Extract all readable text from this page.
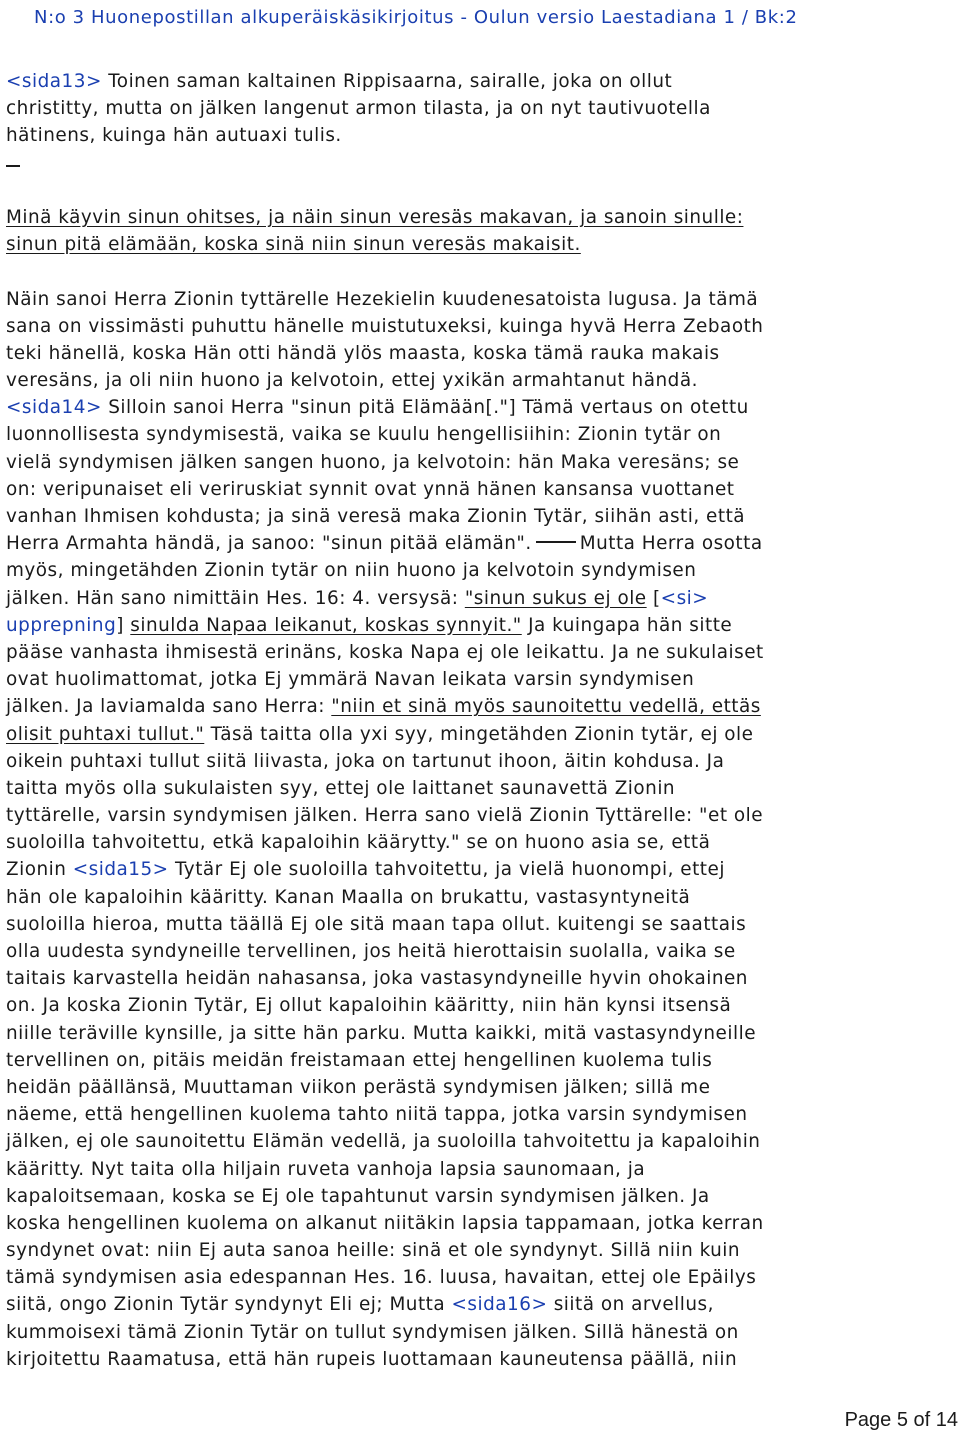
N:o 3 Huonepostillan alkuperäiskäsikirjoitus - Oulun versio Laestadiana 1 / Bk:2
<sida13> Toinen saman kaltainen Rippisaarna, sairalle, joka on ollut
christitty, mutta on jälken langenut armon tilasta, ja on nyt tautivuotella
hätinens, kuinga hän autuaxi tulis.
Minä käyvin sinun ohitses, ja näin sinun veresäs makavan, ja sanoin sinulle:
sinun pitä elämään, koska sinä niin sinun veresäs makaisit.
Näin sanoi Herra Zionin tyttärelle Hezekielin kuudenesatoista lugusa. Ja tämä
sana on vissimästi puhuttu hänelle muistutuxeksi, kuinga hyvä Herra Zebaoth
teki hänellä, koska Hän otti händä ylös maasta, koska tämä rauka makais
veresäns, ja oli niin huono ja kelvotoin, ettej yxikän armahtanut händä.
<sida14> Silloin sanoi Herra "sinun pitä Elämään[."] Tämä vertaus on otettu
luonnollisesta syndymisestä, vaika se kuulu hengellisiihin: Zionin tytär on
vielä syndymisen jälken sangen huono, ja kelvotoin: hän Maka veresäns; se
on: veripunaiset eli veriruskiat synnit ovat ynnä hänen kansansa vuottanet
vanhan Ihmisen kohdusta; ja sinä veresä maka Zionin Tytär, siihän asti, että
Herra Armahta händä, ja sanoo: "sinun pitää elämän".	Mutta Herra osotta
myös, mingetähden Zionin tytär on niin huono ja kelvotoin syndymisen
jälken. Hän sano nimittäin Hes. 16: 4. versysä: "sinun sukus ej ole [<si>
upprepning] sinulda Napaa leikanut, koskas synnyit." Ja kuingapa hän sitte
pääse vanhasta ihmisestä erinäns, koska Napa ej ole leikattu. Ja ne sukulaiset
ovat huolimattomat, jotka Ej ymmärä Navan leikata varsin syndymisen
jälken. Ja laviamalda sano Herra: "niin et sinä myös saunoitettu vedellä, ettäs
olisit puhtaxi tullut." Täsä taitta olla yxi syy, mingetähden Zionin tytär, ej ole
oikein puhtaxi tullut siitä liivasta, joka on tartunut ihoon, äitin kohdusa. Ja
taitta myös olla sukulaisten syy, ettej ole laittanet saunavettä Zionin
tyttärelle, varsin syndymisen jälken. Herra sano vielä Zionin Tyttärelle: "et ole
suoloilla tahvoitettu, etkä kapaloihin käärytty." se on huono asia se, että
Zionin <sida15> Tytär Ej ole suoloilla tahvoitettu, ja vielä huonompi, ettej
hän ole kapaloihin kääritty. Kanan Maalla on brukattu, vastasyntyneitä
suoloilla hieroa, mutta täällä Ej ole sitä maan tapa ollut. kuitengi se saattais
olla uudesta syndyneille tervellinen, jos heitä hierottaisin suolalla, vaika se
taitais karvastella heidän nahasansa, joka vastasyndyneille hyvin ohokainen
on. Ja koska Zionin Tytär, Ej ollut kapaloihin kääritty, niin hän kynsi itsensä
niille teräville kynsille, ja sitte hän parku. Mutta kaikki, mitä vastasyndyneille
tervellinen on, pitäis meidän freistamaan ettej hengellinen kuolema tulis
heidän päällänsä, Muuttaman viikon perästä syndymisen jälken; sillä me
näeme, että hengellinen kuolema tahto niitä tappa, jotka varsin syndymisen
jälken, ej ole saunoitettu Elämän vedellä, ja suoloilla tahvoitettu ja kapaloihin
kääritty. Nyt taita olla hiljain ruveta vanhoja lapsia saunomaan, ja
kapaloitsemaan, koska se Ej ole tapahtunut varsin syndymisen jälken. Ja
koska hengellinen kuolema on alkanut niitäkin lapsia tappamaan, jotka kerran
syndynet ovat: niin Ej auta sanoa heille: sinä et ole syndynyt. Sillä niin kuin
tämä syndymisen asia edespannan Hes. 16. luusa, havaitan, ettej ole Epäilys
siitä, ongo Zionin Tytär syndynyt Eli ej; Mutta <sida16> siitä on arvellus,
kummoisexi tämä Zionin Tytär on tullut syndymisen jälken. Sillä hänestä on
kirjoitettu Raamatusa, että hän rupeis luottamaan kauneutensa päällä, niin
Page 5 of 14
